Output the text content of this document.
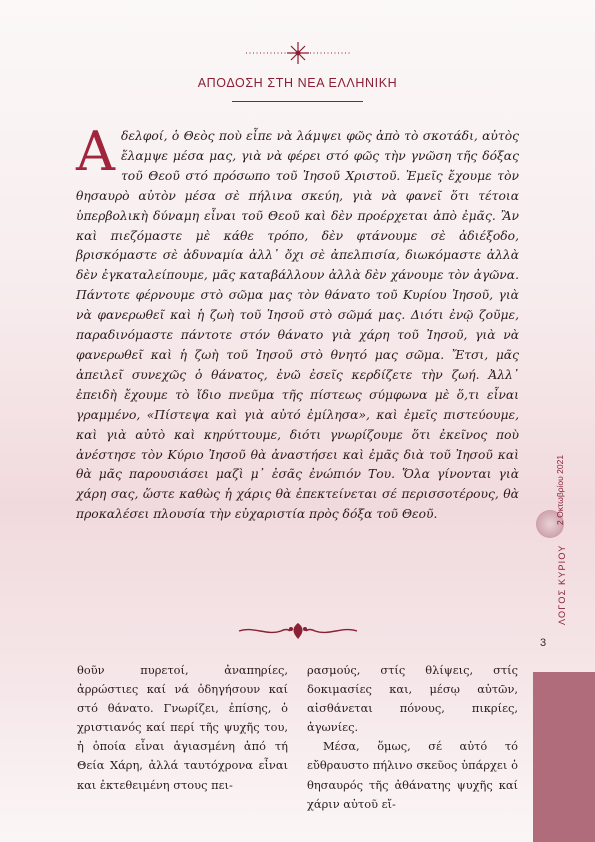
ΑΠΟΔΟΣΗ ΣΤΗ ΝΕΑ ΕΛΛΗΝΙΚΗ
Α δελφοί, ὁ Θεὸς ποὺ εἶπε νὰ λάμψει φῶς ἀπὸ τὸ σκοτάδι, αὐτὸς ἔλαμψε μέσα μας, γιὰ νὰ φέρει στό φῶς τὴν γνῶση τῆς δόξας τοῦ Θεοῦ στό πρόσωπο τοῦ Ἰησοῦ Χριστοῦ. Ἐμεῖς ἔχουμε τὸν θησαυρὸ αὐτὸν μέσα σὲ πήλινα σκεύη, γιὰ νὰ φανεῖ ὅτι τέτοια ὑπερβολικὴ δύναμη εἶναι τοῦ Θεοῦ καὶ δὲν προέρχεται ἀπὸ ἐμᾶς. Ἂν καὶ πιεζόμαστε μὲ κάθε τρόπο, δὲν φτάνουμε σὲ ἀδιέξοδο, βρισκόμαστε σὲ ἀδυναμία ἀλλ᾽ ὄχι σὲ ἀπελπισία, διωκόμαστε ἀλλὰ δὲν ἐγκαταλείπουμε, μᾶς καταβάλλουν ἀλλὰ δὲν χάνουμε τὸν ἀγῶνα. Πάντοτε φέρνουμε στὸ σῶμα μας τὸν θάνατο τοῦ Κυρίου Ἰησοῦ, γιὰ νὰ φανερωθεῖ καὶ ἡ ζωὴ τοῦ Ἰησοῦ στὸ σῶμά μας. Διότι ἐνῷ ζοῦμε, παραδινόμαστε πάντοτε στόν θάνατο γιὰ χάρη τοῦ Ἰησοῦ, γιὰ νὰ φανερωθεῖ καὶ ἡ ζωὴ τοῦ Ἰησοῦ στὸ θνητό μας σῶμα. Ἔτσι, μᾶς ἀπειλεῖ συνεχῶς ὁ θάνατος, ἐνῶ ἐσεῖς κερδίζετε τὴν ζωή. Ἀλλ᾽ ἐπειδὴ ἔχουμε τὸ ἴδιο πνεῦμα τῆς πίστεως σύμφωνα μὲ ὅ,τι εἶναι γραμμένο, «Πίστεψα καὶ γιὰ αὐτό ἐμίλησα», καὶ ἐμεῖς πιστεύουμε, καὶ γιὰ αὐτὸ καὶ κηρύττουμε, διότι γνωρίζουμε ὅτι ἐκεῖνος ποὺ ἀνέστησε τὸν Κύριο Ἰησοῦ θὰ ἀναστήσει καὶ ἐμᾶς διὰ τοῦ Ἰησοῦ καὶ θὰ μᾶς παρουσιάσει μαζὶ μ᾽ ἐσᾶς ἐνώπιόν Του. Ὅλα γίνονται γιὰ χάρη σας, ὥστε καθὼς ἡ χάρις θὰ ἐπεκτείνεται σέ περισσοτέρους, θὰ προκαλέσει πλουσία τὴν εὐχαριστία πρὸς δόξα τοῦ Θεοῦ.

θοῦν πυρετοί, ἀναπηρίες, ἀρρώστιες καί νά ὁδηγήσουν καί στό θάνατο. Γνωρίζει, ἐπίσης, ὁ χριστιανός καί περί τῆς ψυχῆς του, ἡ ὁποία εἶναι ἁγιασμένη ἀπό τή Θεία Χάρη, ἀλλά ταυτόχρονα εἶναι και ἐκτεθειμένη στους πει-

ρασμούς, στίς θλίψεις, στίς δοκιμασίες και, μέσῳ αὐτῶν, αἰσθάνεται πόνους, πικρίες, ἀγωνίες.

Μέσα, ὅμως, σέ αὐτό τό εὔθραυστο πήλινο σκεῦος ὑπάρχει ὁ θησαυρός τῆς ἀθάνατης ψυχῆς καί χάριν αὐτοῦ εἴ-

2 Οκτωβρίου 2021
ΛΟΓΟΣ ΚΥΡΙΟΥ
3
